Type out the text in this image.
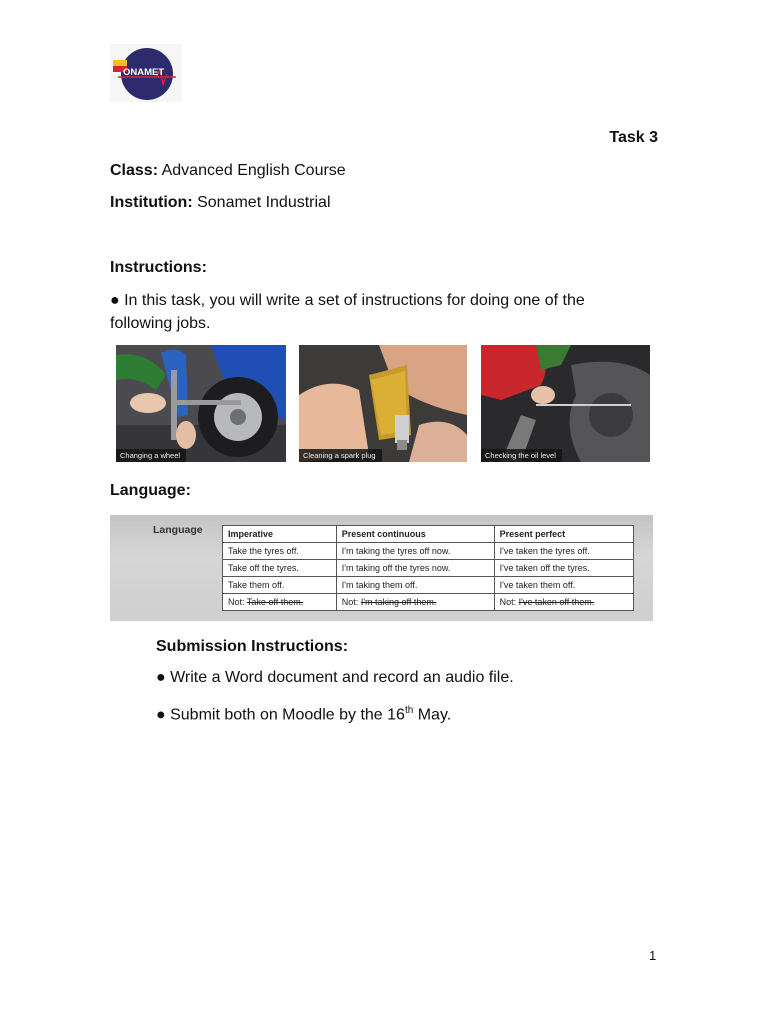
ONAMET
Task 3
Class: Advanced English Course
Institution: Sonamet Industrial
Instructions:
● In this task, you will write a set of instructions for doing one of the following jobs.
Changing a wheel	Cleaning a spark plug	Checking the oil level
Language:
Language	Imperative	Present continuous	Present perfect
Take the tyres off.	I'm taking the tyres off now.	I've taken the tyres off.
Take off the tyres.	I'm taking off the tyres now.	I've taken off the tyres.
Take them off.	I'm taking them off.	I've taken them off.
Not: Take off them.	Not: I'm taking off them.	Not: I've taken off them.
Submission Instructions:
● Write a Word document and record an audio file.
● Submit both on Moodle by the 16th May.
1
